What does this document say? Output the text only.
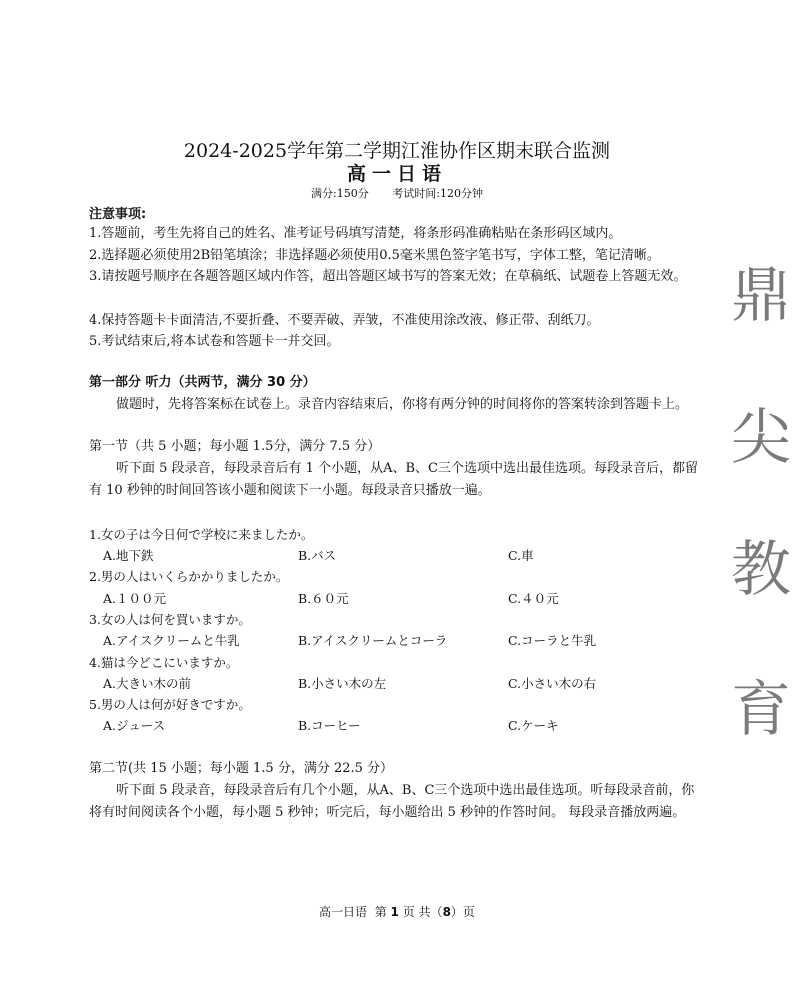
2024-2025学年第二学期江淮协作区期末联合监测
高一日语
满分:150分 考试时间:120分钟
注意事项:
1.答题前，考生先将自己的姓名、准考证号码填写清楚，将条形码准确粘贴在条形码区域内。
2.选择题必须使用2B铅笔填涂；非选择题必须使用0.5毫米黑色签字笔书写，字体工整，笔记清晰。
3.请按题号顺序在各题答题区域内作答，超出答题区域书写的答案无效；在草稿纸、试题卷上答题无效。
4.保持答题卡卡面清洁,不要折叠、不要弄破、弄皱，不准使用涂改液、修正带、刮纸刀。
5.考试结束后,将本试卷和答题卡一并交回。
第一部分 听力（共两节，满分 30 分）
做题时，先将答案标在试卷上。录音内容结束后，你将有两分钟的时间将你的答案转涂到答题卡上。
第一节（共 5 小题；每小题 1.5分，满分 7.5 分）
听下面 5 段录音，每段录音后有 1 个小题，从A、B、C三个选项中选出最佳选项。每段录音后，都留有 10 秒钟的时间回答该小题和阅读下一小题。每段录音只播放一遍。
1.女の子は今日何で学校に来ましたか。
A.地下鉄	B.バス	C.車
2.男の人はいくらかかりましたか。
A.１００元	B.６０元	C.４０元
3.女の人は何を買いますか。
A.アイスクリームと牛乳	B.アイスクリームとコーラ	C.コーラと牛乳
4.猫は今どこにいますか。
A.大きい木の前	B.小さい木の左	C.小さい木の右
5.男の人は何が好きですか。
A.ジュース	B.コーヒー	C.ケーキ
第二节(共 15 小题；每小题 1.5 分，满分 22.5 分）
听下面 5 段录音，每段录音后有几个小题，从A、B、C三个选项中选出最佳选项。听每段录音前，你将有时间阅读各个小题，每小题 5 秒钟；听完后，每小题给出 5 秒钟的作答时间。 每段录音播放两遍。
鼎
尖
教
育
高一日语 第 1 页 共（8）页
